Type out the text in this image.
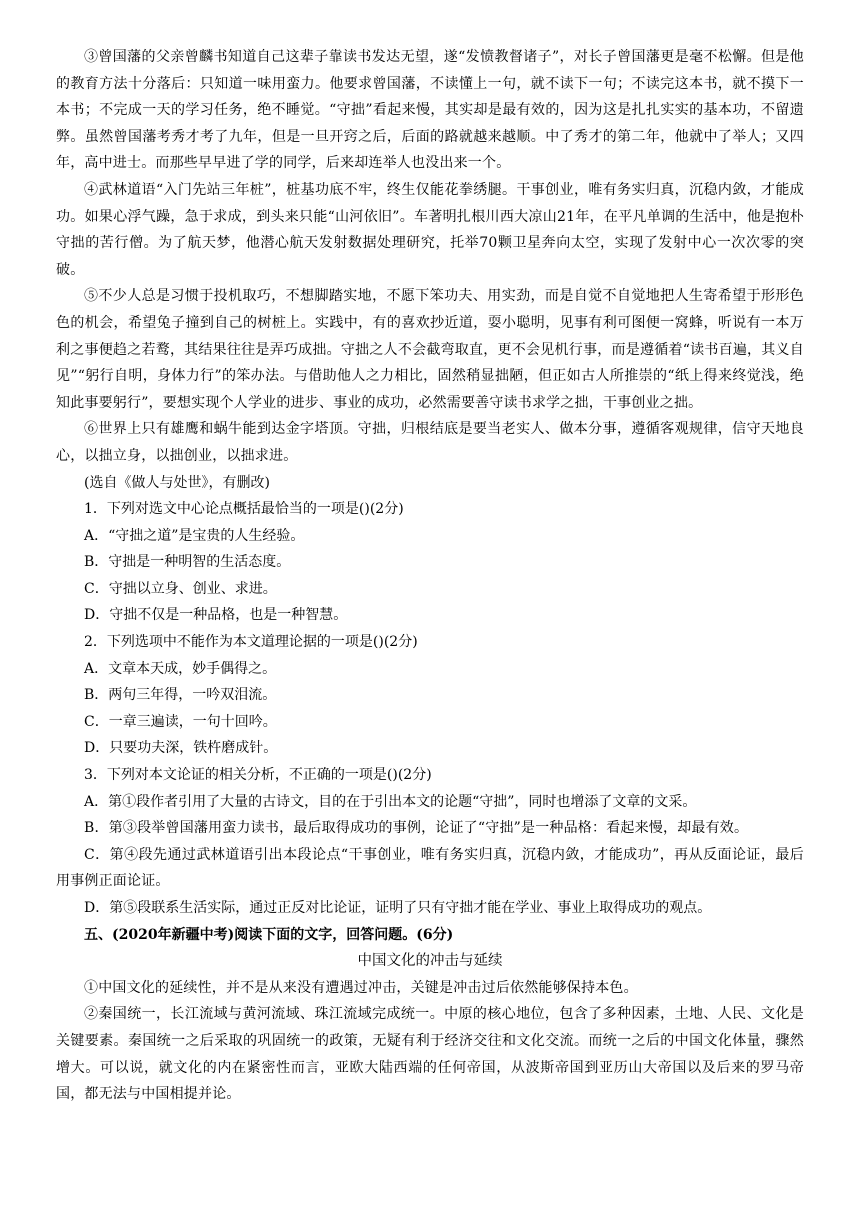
③曾国藩的父亲曾麟书知道自己这辈子靠读书发达无望，遂“发愤教督诸子”，对长子曾国藩更是毫不松懈。但是他的教育方法十分落后：只知道一味用蛮力。他要求曾国藩，不读懂上一句，就不读下一句；不读完这本书，就不摸下一本书；不完成一天的学习任务，绝不睡觉。“守拙”看起来慢，其实却是最有效的，因为这是扎扎实实的基本功，不留遗弊。虽然曾国藩考秀才考了九年，但是一旦开窍之后，后面的路就越来越顺。中了秀才的第二年，他就中了举人；又四年，高中进士。而那些早早进了学的同学，后来却连举人也没出来一个。

④武林道语“入门先站三年桩”，桩基功底不牢，终生仅能花拳绣腿。干事创业，唯有务实归真，沉稳内敛，才能成功。如果心浮气躁，急于求成，到头来只能“山河依旧”。车著明扎根川西大凉山21年，在平凡单调的生活中，他是抱朴守拙的苦行僧。为了航天梦，他潜心航天发射数据处理研究，托举70颗卫星奔向太空，实现了发射中心一次次零的突破。

⑤不少人总是习惯于投机取巧，不想脚踏实地，不愿下笨功夫、用实劲，而是自觉不自觉地把人生寄希望于形形色色的机会，希望兔子撞到自己的树桩上。实践中，有的喜欢抄近道，耍小聪明，见事有利可图便一窝蜂，听说有一本万利之事便趋之若鹜，其结果往往是弄巧成拙。守拙之人不会截弯取直，更不会见机行事，而是遵循着“读书百遍，其义自见”“躬行自明，身体力行”的笨办法。与借助他人之力相比，固然稍显拙陋，但正如古人所推崇的“纸上得来终觉浅，绝知此事要躬行”，要想实现个人学业的进步、事业的成功，必然需要善守读书求学之拙，干事创业之拙。

⑥世界上只有雄鹰和蜗牛能到达金字塔顶。守拙，归根结底是要当老实人、做本分事，遵循客观规律，信守天地良心，以拙立身，以拙创业，以拙求进。

(选自《做人与处世》，有删改)

1．下列对选文中心论点概括最恰当的一项是()(2分)

A．“守拙之道”是宝贵的人生经验。

B．守拙是一种明智的生活态度。

C．守拙以立身、创业、求进。

D．守拙不仅是一种品格，也是一种智慧。

2．下列选项中不能作为本文道理论据的一项是()(2分)

A．文章本天成，妙手偶得之。

B．两句三年得，一吟双泪流。

C．一章三遍读，一句十回吟。

D．只要功夫深，铁杵磨成针。

3．下列对本文论证的相关分析，不正确的一项是()(2分)

A．第①段作者引用了大量的古诗文，目的在于引出本文的论题“守拙”，同时也增添了文章的文采。

B．第③段举曾国藩用蛮力读书，最后取得成功的事例，论证了“守拙”是一种品格：看起来慢，却最有效。

C．第④段先通过武林道语引出本段论点“干事创业，唯有务实归真，沉稳内敛，才能成功”，再从反面论证，最后用事例正面论证。

D．第⑤段联系生活实际，通过正反对比论证，证明了只有守拙才能在学业、事业上取得成功的观点。

五、(2020年新疆中考)阅读下面的文字，回答问题。(6分)

中国文化的冲击与延续

①中国文化的延续性，并不是从来没有遭遇过冲击，关键是冲击过后依然能够保持本色。

②秦国统一，长江流域与黄河流域、珠江流域完成统一。中原的核心地位，包含了多种因素，土地、人民、文化是关键要素。秦国统一之后采取的巩固统一的政策，无疑有利于经济交往和文化交流。而统一之后的中国文化体量，骤然增大。可以说，就文化的内在紧密性而言，亚欧大陆西端的任何帝国，从波斯帝国到亚历山大帝国以及后来的罗马帝国，都无法与中国相提并论。
